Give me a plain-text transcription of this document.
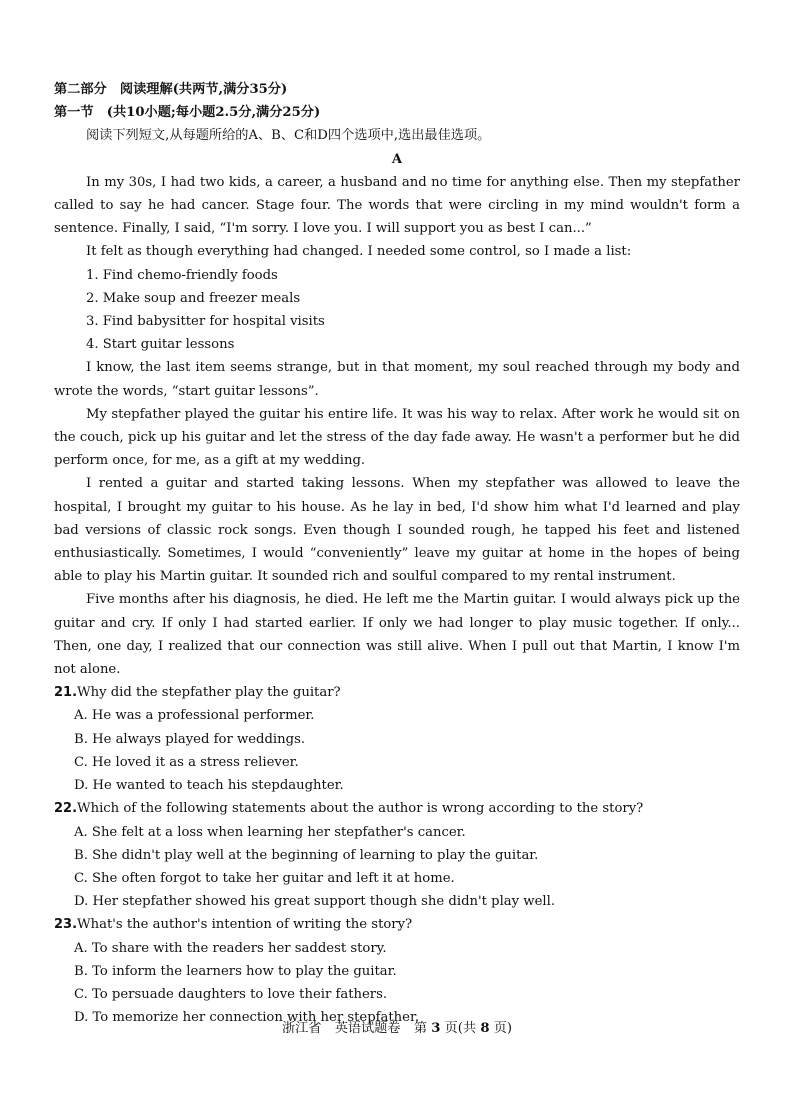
第二部分　阅读理解(共两节,满分35分)
第一节　(共10小题;每小题2.5分,满分25分)
阅读下列短文,从每题所给的A、B、C和D四个选项中,选出最佳选项。
A
In my 30s, I had two kids, a career, a husband and no time for anything else. Then my stepfather called to say he had cancer. Stage four. The words that were circling in my mind wouldn't form a sentence. Finally, I said, “I'm sorry. I love you. I will support you as best I can...”
It felt as though everything had changed. I needed some control, so I made a list:
1. Find chemo-friendly foods
2. Make soup and freezer meals
3. Find babysitter for hospital visits
4. Start guitar lessons
I know, the last item seems strange, but in that moment, my soul reached through my body and wrote the words, “start guitar lessons”.
My stepfather played the guitar his entire life. It was his way to relax. After work he would sit on the couch, pick up his guitar and let the stress of the day fade away. He wasn't a performer but he did perform once, for me, as a gift at my wedding.
I rented a guitar and started taking lessons. When my stepfather was allowed to leave the hospital, I brought my guitar to his house. As he lay in bed, I'd show him what I'd learned and play bad versions of classic rock songs. Even though I sounded rough, he tapped his feet and listened enthusiastically. Sometimes, I would “conveniently” leave my guitar at home in the hopes of being able to play his Martin guitar. It sounded rich and soulful compared to my rental instrument.
Five months after his diagnosis, he died. He left me the Martin guitar. I would always pick up the guitar and cry. If only I had started earlier. If only we had longer to play music together. If only... Then, one day, I realized that our connection was still alive. When I pull out that Martin, I know I'm not alone.
21.Why did the stepfather play the guitar?
A. He was a professional performer.
B. He always played for weddings.
C. He loved it as a stress reliever.
D. He wanted to teach his stepdaughter.
22.Which of the following statements about the author is wrong according to the story?
A. She felt at a loss when learning her stepfather's cancer.
B. She didn't play well at the beginning of learning to play the guitar.
C. She often forgot to take her guitar and left it at home.
D. Her stepfather showed his great support though she didn't play well.
23.What's the author's intention of writing the story?
A. To share with the readers her saddest story.
B. To inform the learners how to play the guitar.
C. To persuade daughters to love their fathers.
D. To memorize her connection with her stepfather.
浙江省　 英语试题卷　 第 3 页(共 8 页)
